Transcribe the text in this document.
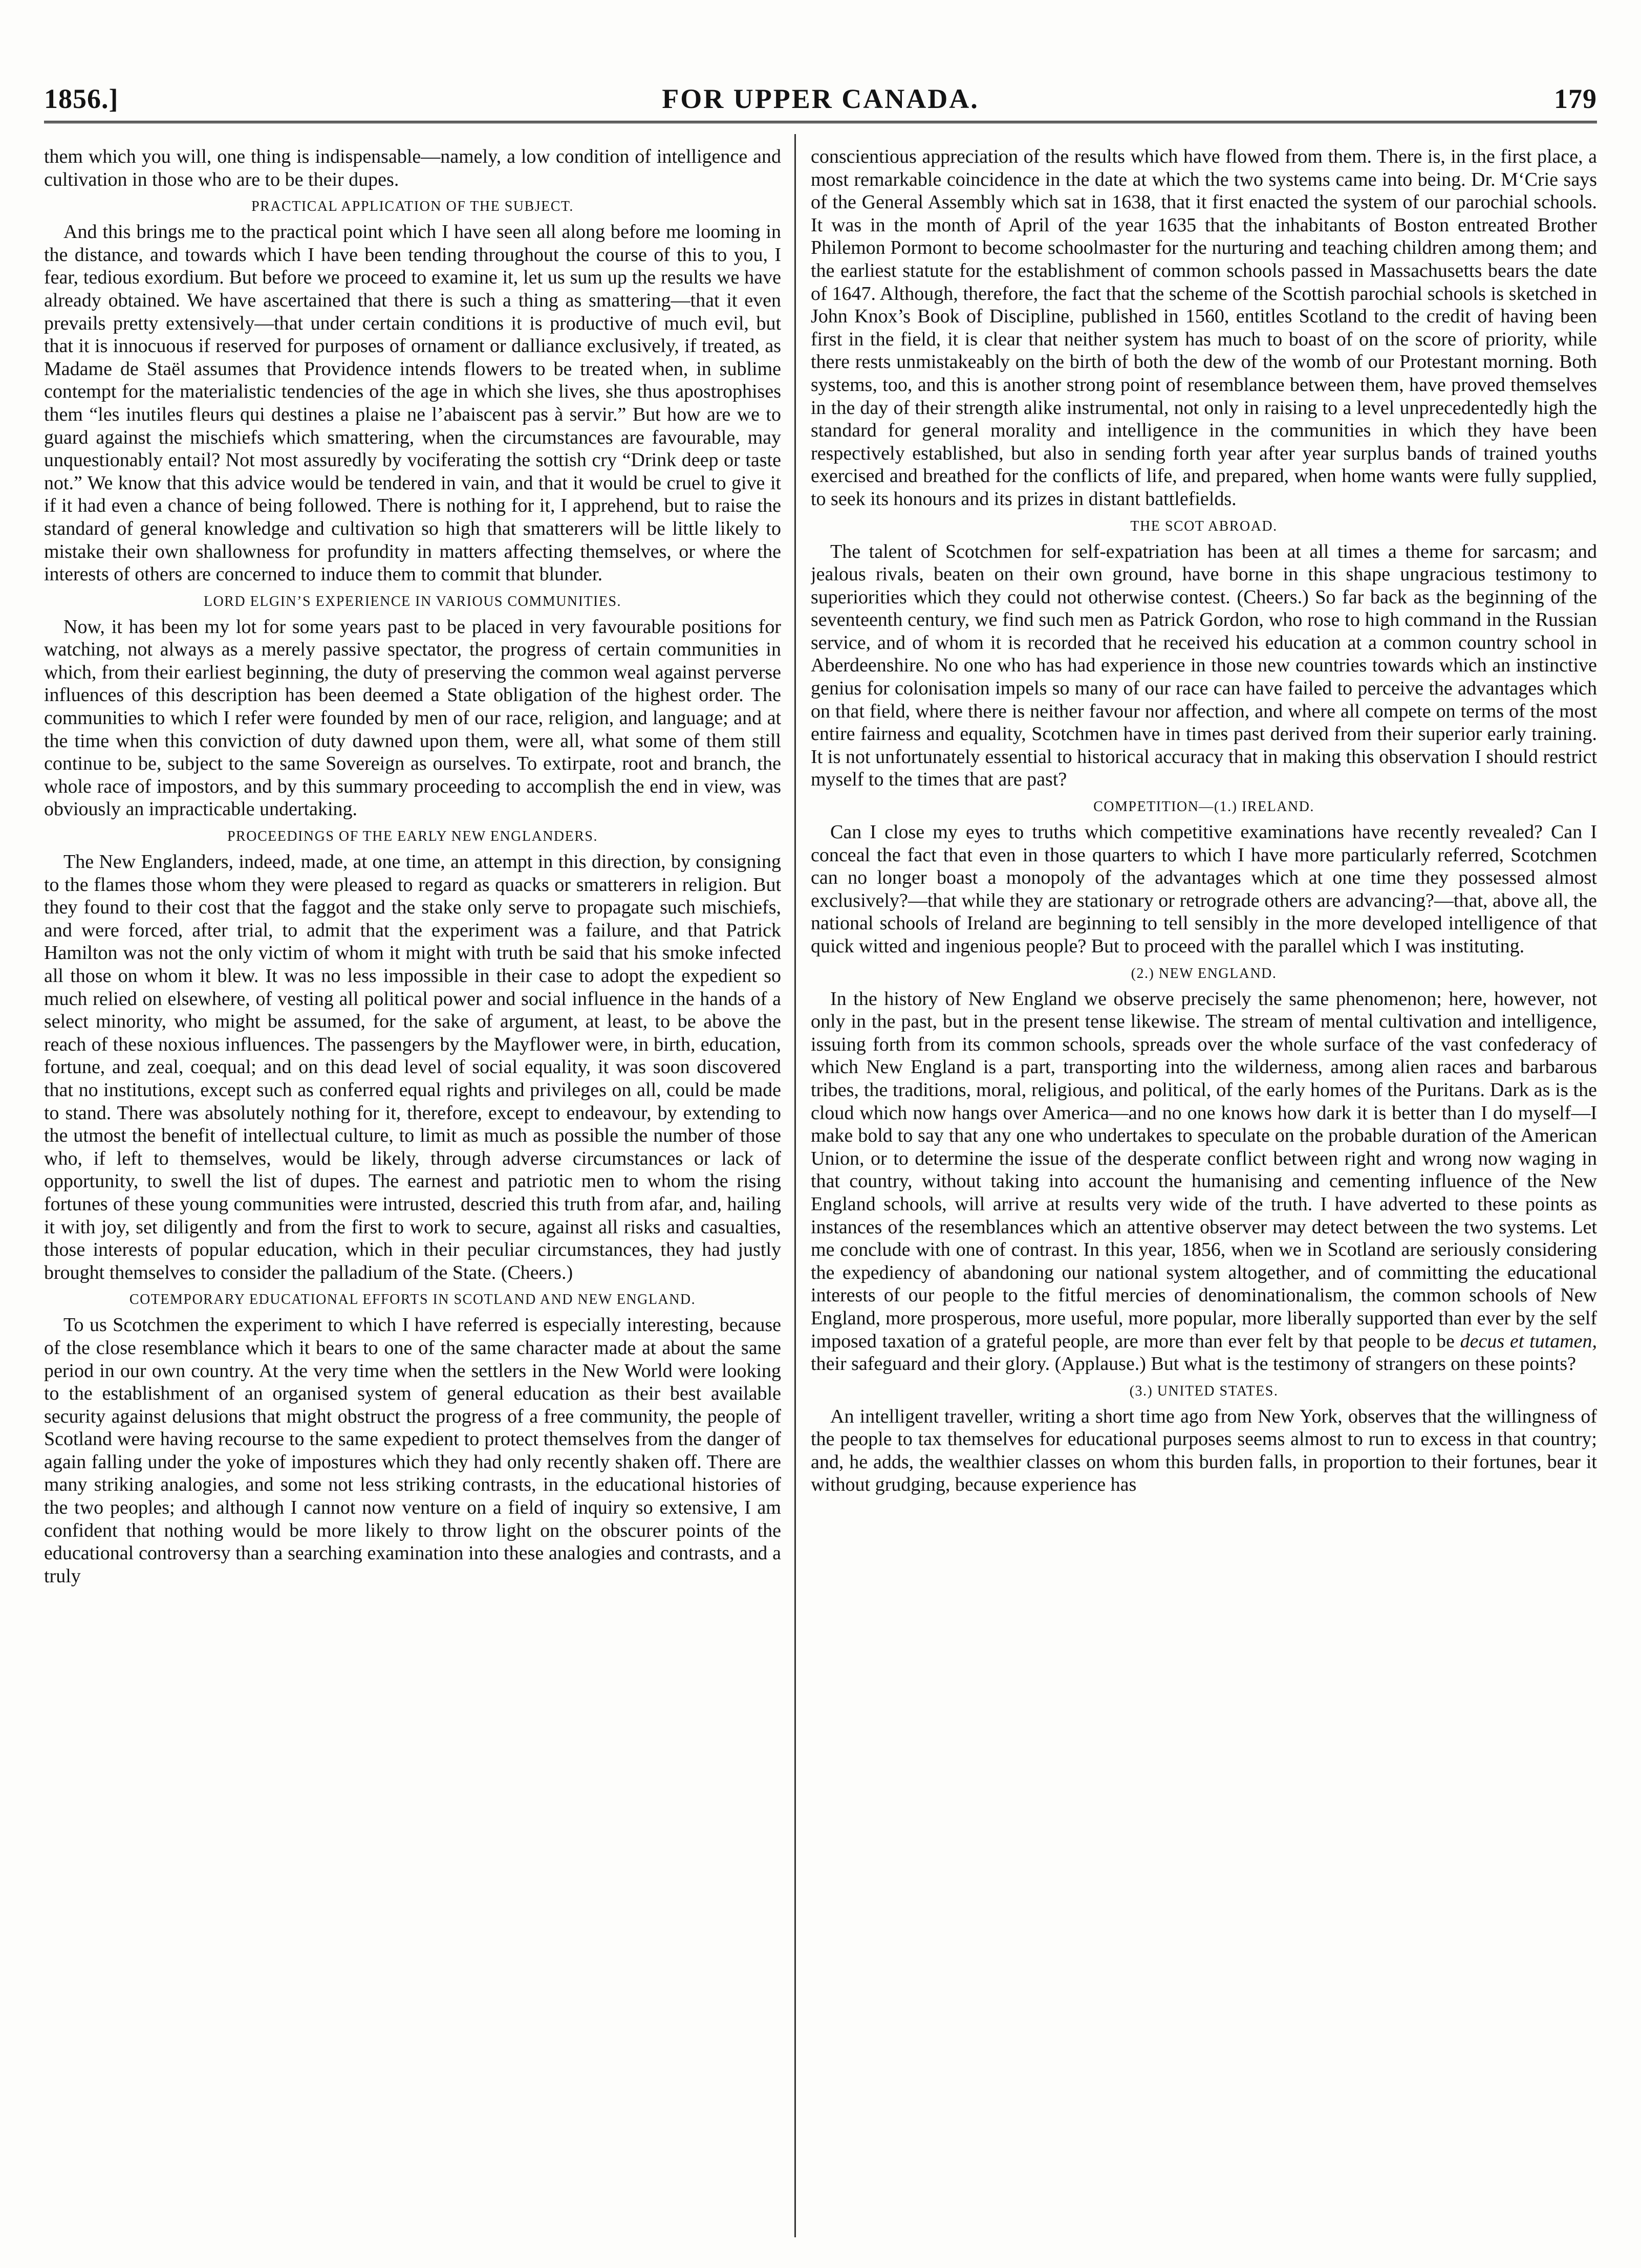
1856.]	FOR UPPER CANADA.	179

them which you will, one thing is indispensable—namely, a low condition of intelligence and cultivation in those who are to be their dupes.

PRACTICAL APPLICATION OF THE SUBJECT.

And this brings me to the practical point which I have seen all along before me looming in the distance, and towards which I have been tending throughout the course of this to you, I fear, tedious exordium. But before we proceed to examine it, let us sum up the results we have already obtained. We have ascertained that there is such a thing as smattering—that it even prevails pretty extensively—that under certain conditions it is productive of much evil, but that it is innocuous if reserved for purposes of ornament or dalliance exclusively, if treated, as Madame de Staël assumes that Providence intends flowers to be treated when, in sublime contempt for the materialistic tendencies of the age in which she lives, she thus apostrophises them “les inutiles fleurs qui destines a plaise ne l’abaiscent pas à servir.” But how are we to guard against the mischiefs which smattering, when the circumstances are favourable, may unquestionably entail? Not most assuredly by vociferating the sottish cry “Drink deep or taste not.” We know that this advice would be tendered in vain, and that it would be cruel to give it if it had even a chance of being followed. There is nothing for it, I apprehend, but to raise the standard of general knowledge and cultivation so high that smatterers will be little likely to mistake their own shallowness for profundity in matters affecting themselves, or where the interests of others are concerned to induce them to commit that blunder.

LORD ELGIN’S EXPERIENCE IN VARIOUS COMMUNITIES.

Now, it has been my lot for some years past to be placed in very favourable positions for watching, not always as a merely passive spectator, the progress of certain communities in which, from their earliest beginning, the duty of preserving the common weal against perverse influences of this description has been deemed a State obligation of the highest order. The communities to which I refer were founded by men of our race, religion, and language; and at the time when this conviction of duty dawned upon them, were all, what some of them still continue to be, subject to the same Sovereign as ourselves. To extirpate, root and branch, the whole race of impostors, and by this summary proceeding to accomplish the end in view, was obviously an impracticable undertaking.

PROCEEDINGS OF THE EARLY NEW ENGLANDERS.

The New Englanders, indeed, made, at one time, an attempt in this direction, by consigning to the flames those whom they were pleased to regard as quacks or smatterers in religion. But they found to their cost that the faggot and the stake only serve to propagate such mischiefs, and were forced, after trial, to admit that the experiment was a failure, and that Patrick Hamilton was not the only victim of whom it might with truth be said that his smoke infected all those on whom it blew. It was no less impossible in their case to adopt the expedient so much relied on elsewhere, of vesting all political power and social influence in the hands of a select minority, who might be assumed, for the sake of argument, at least, to be above the reach of these noxious influences. The passengers by the Mayflower were, in birth, education, fortune, and zeal, coequal; and on this dead level of social equality, it was soon discovered that no institutions, except such as conferred equal rights and privileges on all, could be made to stand. There was absolutely nothing for it, therefore, except to endeavour, by extending to the utmost the benefit of intellectual culture, to limit as much as possible the number of those who, if left to themselves, would be likely, through adverse circumstances or lack of opportunity, to swell the list of dupes. The earnest and patriotic men to whom the rising fortunes of these young communities were intrusted, descried this truth from afar, and, hailing it with joy, set diligently and from the first to work to secure, against all risks and casualties, those interests of popular education, which in their peculiar circumstances, they had justly brought themselves to consider the palladium of the State. (Cheers.)

COTEMPORARY EDUCATIONAL EFFORTS IN SCOTLAND AND NEW ENGLAND.

To us Scotchmen the experiment to which I have referred is especially interesting, because of the close resemblance which it bears to one of the same character made at about the same period in our own country. At the very time when the settlers in the New World were looking to the establishment of an organised system of general education as their best available security against delusions that might obstruct the progress of a free community, the people of Scotland were having recourse to the same expedient to protect themselves from the danger of again falling under the yoke of impostures which they had only recently shaken off. There are many striking analogies, and some not less striking contrasts, in the educational histories of the two peoples; and although I cannot now venture on a field of inquiry so extensive, I am confident that nothing would be more likely to throw light on the obscurer points of the educational controversy than a searching examination into these analogies and contrasts, and a truly

conscientious appreciation of the results which have flowed from them. There is, in the first place, a most remarkable coincidence in the date at which the two systems came into being. Dr. M‘Crie says of the General Assembly which sat in 1638, that it first enacted the system of our parochial schools. It was in the month of April of the year 1635 that the inhabitants of Boston entreated Brother Philemon Pormont to become schoolmaster for the nurturing and teaching children among them; and the earliest statute for the establishment of common schools passed in Massachusetts bears the date of 1647. Although, therefore, the fact that the scheme of the Scottish parochial schools is sketched in John Knox’s Book of Discipline, published in 1560, entitles Scotland to the credit of having been first in the field, it is clear that neither system has much to boast of on the score of priority, while there rests unmistakeably on the birth of both the dew of the womb of our Protestant morning. Both systems, too, and this is another strong point of resemblance between them, have proved themselves in the day of their strength alike instrumental, not only in raising to a level unprecedentedly high the standard for general morality and intelligence in the communities in which they have been respectively established, but also in sending forth year after year surplus bands of trained youths exercised and breathed for the conflicts of life, and prepared, when home wants were fully supplied, to seek its honours and its prizes in distant battlefields.

THE SCOT ABROAD.

The talent of Scotchmen for self-expatriation has been at all times a theme for sarcasm; and jealous rivals, beaten on their own ground, have borne in this shape ungracious testimony to superiorities which they could not otherwise contest. (Cheers.) So far back as the beginning of the seventeenth century, we find such men as Patrick Gordon, who rose to high command in the Russian service, and of whom it is recorded that he received his education at a common country school in Aberdeenshire. No one who has had experience in those new countries towards which an instinctive genius for colonisation impels so many of our race can have failed to perceive the advantages which on that field, where there is neither favour nor affection, and where all compete on terms of the most entire fairness and equality, Scotchmen have in times past derived from their superior early training. It is not unfortunately essential to historical accuracy that in making this observation I should restrict myself to the times that are past?

COMPETITION—(1.) IRELAND.

Can I close my eyes to truths which competitive examinations have recently revealed? Can I conceal the fact that even in those quarters to which I have more particularly referred, Scotchmen can no longer boast a monopoly of the advantages which at one time they possessed almost exclusively?—that while they are stationary or retrograde others are advancing?—that, above all, the national schools of Ireland are beginning to tell sensibly in the more developed intelligence of that quick witted and ingenious people? But to proceed with the parallel which I was instituting.

(2.) NEW ENGLAND.

In the history of New England we observe precisely the same phenomenon; here, however, not only in the past, but in the present tense likewise. The stream of mental cultivation and intelligence, issuing forth from its common schools, spreads over the whole surface of the vast confederacy of which New England is a part, transporting into the wilderness, among alien races and barbarous tribes, the traditions, moral, religious, and political, of the early homes of the Puritans. Dark as is the cloud which now hangs over America—and no one knows how dark it is better than I do myself—I make bold to say that any one who undertakes to speculate on the probable duration of the American Union, or to determine the issue of the desperate conflict between right and wrong now waging in that country, without taking into account the humanising and cementing influence of the New England schools, will arrive at results very wide of the truth. I have adverted to these points as instances of the resemblances which an attentive observer may detect between the two systems. Let me conclude with one of contrast. In this year, 1856, when we in Scotland are seriously considering the expediency of abandoning our national system altogether, and of committing the educational interests of our people to the fitful mercies of denominationalism, the common schools of New England, more prosperous, more useful, more popular, more liberally supported than ever by the self imposed taxation of a grateful people, are more than ever felt by that people to be decus et tutamen, their safeguard and their glory. (Applause.) But what is the testimony of strangers on these points?

(3.) UNITED STATES.

An intelligent traveller, writing a short time ago from New York, observes that the willingness of the people to tax themselves for educational purposes seems almost to run to excess in that country; and, he adds, the wealthier classes on whom this burden falls, in proportion to their fortunes, bear it without grudging, because experience has
